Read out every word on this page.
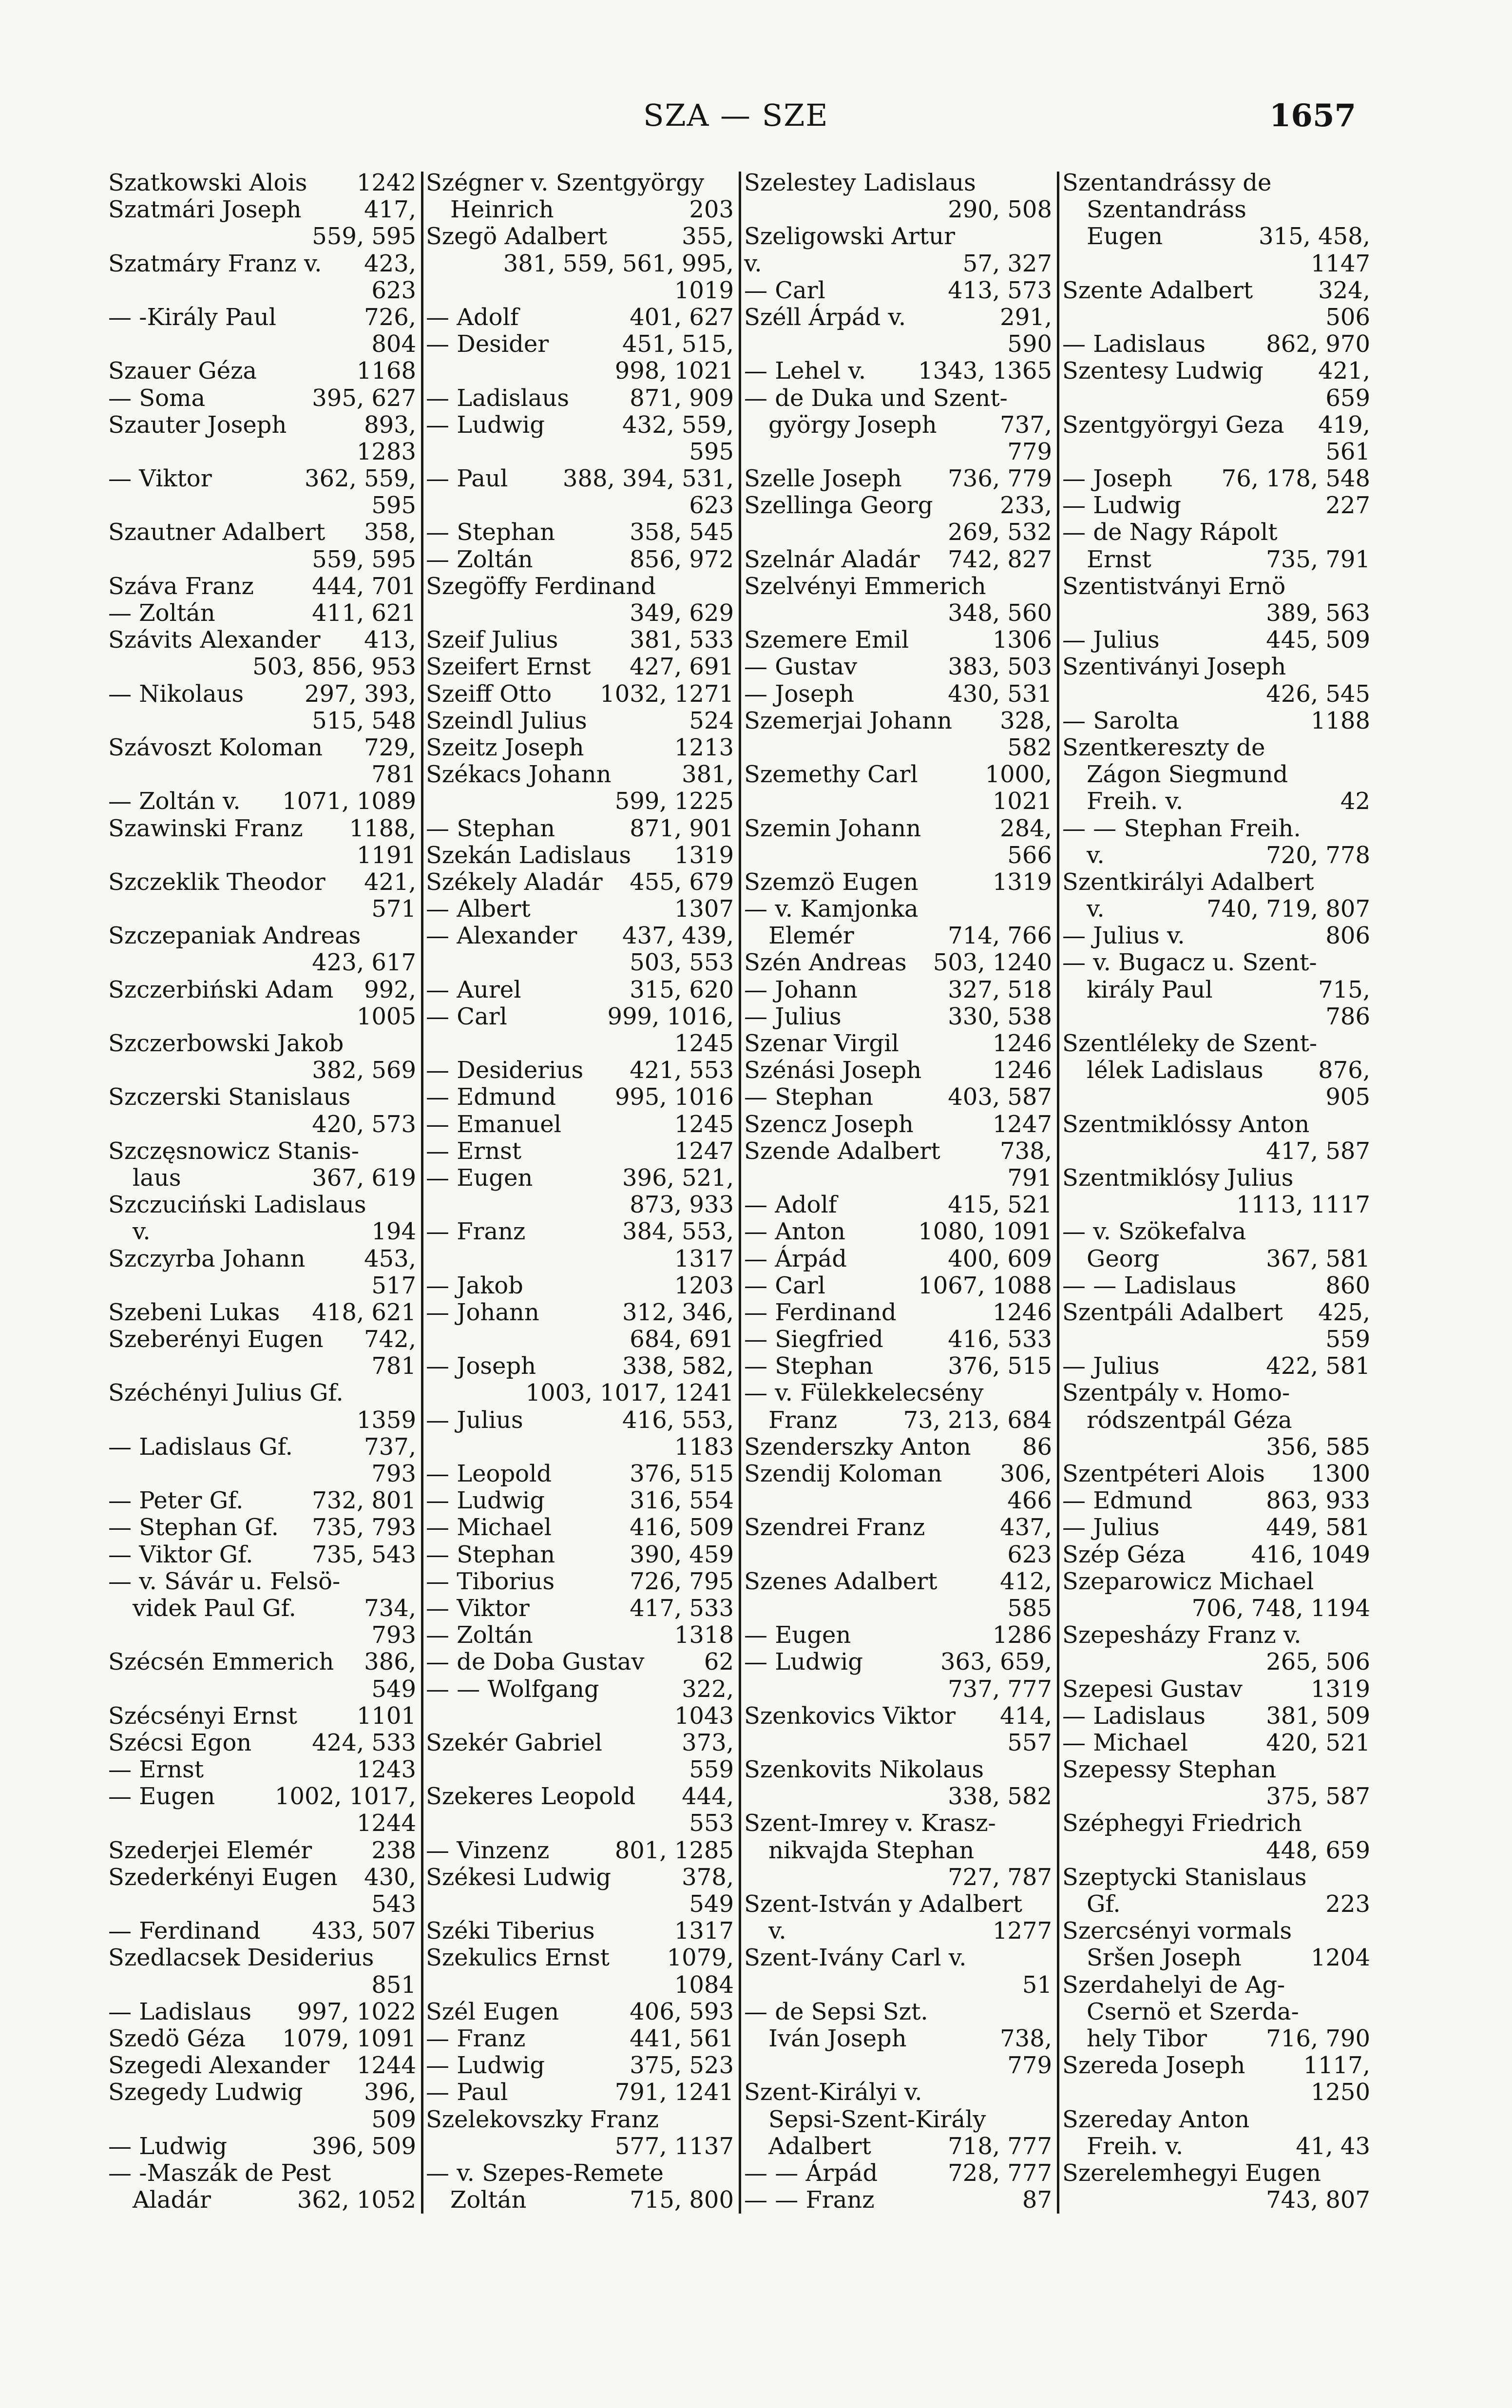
SZA — SZE	1657
Szatkowski Alois 1242
Szatmári Joseph	417,
559, 595
Szatmáry Franz v. 423,
623
— -Király Paul	726,
804
Szauer Géza	1168
— Soma	395, 627
Szauter Joseph	893,
1283
— Viktor	362, 559,
595
Szautner Adalbert 358,
559, 595
Száva Franz 444, 701
— Zoltán	411, 621
Szávits Alexander 413,
503, 856, 953
— Nikolaus	297, 393,
515, 548
Szávoszt Koloman 729,
781
— Zoltán v. 1071, 1089
Szawinski Franz 1188,
1191
Szczeklik Theodor 421,
571
Szczepaniak Andreas
423, 617
Szczerbiński Adam 992,
1005
Szczerbowski Jakob
382, 569
Szczerski Stanislaus
420, 573
Szczęsnowicz Stanis-
laus	367, 619
Szczuciński Ladislaus
v.	194
Szczyrba Johann	453,
517
Szebeni Lukas 418, 621
Szeberényi Eugen 742,
781
Széchényi Julius Gf.
1359
— Ladislaus Gf.	737,
793
— Peter Gf.	732, 801
— Stephan Gf. 735, 793
— Viktor Gf.	735, 543
— v. Sávár u. Felsö-
videk Paul Gf.	734,
793
Szécsén Emmerich 386,
549
Szécsényi Ernst	1101
Szécsi Egon	424, 533
— Ernst	1243
— Eugen	1002, 1017,
1244
Szederjei Elemér	238
Szederkényi Eugen 430,
543
— Ferdinand 433, 507
Szedlacsek Desiderius
851
— Ladislaus 997, 1022
Szedö Géza 1079, 1091
Szegedi Alexander 1244
Szegedy Ludwig	396,
509
— Ludwig	396, 509
— -Maszák de Pest
Aladár	362, 1052
Szégner v. Szentgyörgy
Heinrich	203
Szegö Adalbert	355,
381, 559, 561, 995,
1019
— Adolf	401, 627
— Desider	451, 515,
998, 1021
— Ladislaus	871, 909
— Ludwig	432, 559,
595
— Paul 388, 394, 531,
623
— Stephan	358, 545
— Zoltán	856, 972
Szegöffy Ferdinand
349, 629
Szeif Julius	381, 533
Szeifert Ernst 427, 691
Szeiff Otto 1032, 1271
Szeindl Julius	524
Szeitz Joseph	1213
Székacs Johann	381,
599, 1225
— Stephan	871, 901
Szekán Ladislaus 1319
Székely Aladár 455, 679
— Albert	1307
— Alexander 437, 439,
503, 553
— Aurel	315, 620
— Carl	999, 1016,
1245
— Desiderius 421, 553
— Edmund	995, 1016
— Emanuel	1245
— Ernst	1247
— Eugen	396, 521,
873, 933
— Franz	384, 553,
1317
— Jakob	1203
— Johann	312, 346,
684, 691
— Joseph	338, 582,
1003, 1017, 1241
— Julius	416, 553,
1183
— Leopold	376, 515
— Ludwig	316, 554
— Michael	416, 509
— Stephan	390, 459
— Tiborius	726, 795
— Viktor	417, 533
— Zoltán	1318
— de Doba Gustav	62
— — Wolfgang	322,
1043
Szekér Gabriel	373,
559
Szekeres Leopold 444,
553
— Vinzenz	801, 1285
Székesi Ludwig	378,
549
Széki Tiberius	1317
Szekulics Ernst 1079,
1084
Szél Eugen	406, 593
— Franz	441, 561
— Ludwig	375, 523
— Paul	791, 1241
Szelekovszky Franz
577, 1137
— v. Szepes-Remete
Zoltán	715, 800
Szelestey Ladislaus
290, 508
Szeligowski Artur
v.	57, 327
— Carl	413, 573
Széll Árpád v.	291,
590
— Lehel v. 1343, 1365
— de Duka und Szent-
györgy Joseph	737,
779
Szelle Joseph 736, 779
Szellinga Georg	233,
269, 532
Szelnár Aladár 742, 827
Szelvényi Emmerich
348, 560
Szemere Emil	1306
— Gustav	383, 503
— Joseph	430, 531
Szemerjai Johann 328,
582
Szemethy Carl	1000,
1021
Szemin Johann	284,
566
Szemzö Eugen	1319
— v. Kamjonka
Elemér	714, 766
Szén Andreas 503, 1240
— Johann	327, 518
— Julius	330, 538
Szenar Virgil	1246
Szénási Joseph	1246
— Stephan	403, 587
Szencz Joseph	1247
Szende Adalbert	738,
791
— Adolf	415, 521
— Anton	1080, 1091
— Árpád	400, 609
— Carl	1067, 1088
— Ferdinand	1246
— Siegfried	416, 533
— Stephan	376, 515
— v. Fülekkelecsény
Franz	73, 213, 684
Szenderszky Anton 86
Szendij Koloman 306,
466
Szendrei Franz	437,
623
Szenes Adalbert	412,
585
— Eugen	1286
— Ludwig	363, 659,
737, 777
Szenkovics Viktor 414,
557
Szenkovits Nikolaus
338, 582
Szent-Imrey v. Krasz-
nikvajda Stephan
727, 787
Szent-István y Adalbert
v.	1277
Szent-Ivány Carl v.
51
— de Sepsi Szt.
Iván Joseph	738,
779
Szent-Királyi v.
Sepsi-Szent-Király
Adalbert	718, 777
— — Árpád	728, 777
— — Franz	87
Szentandrássy de
Szentandráss
Eugen	315, 458,
1147
Szente Adalbert	324,
506
— Ladislaus	862, 970
Szentesy Ludwig 421,
659
Szentgyörgyi Geza 419,
561
— Joseph 76, 178, 548
— Ludwig	227
— de Nagy Rápolt
Ernst	735, 791
Szentistványi Ernö
389, 563
— Julius	445, 509
Szentiványi Joseph
426, 545
— Sarolta	1188
Szentkereszty de
Zágon Siegmund
Freih. v.	42
— — Stephan Freih.
v.	720, 778
Szentkirályi Adalbert
v.	740, 719, 807
— Julius v.	806
— v. Bugacz u. Szent-
király Paul	715,
786
Szentléleky de Szent-
lélek Ladislaus 876,
905
Szentmiklóssy Anton
417, 587
Szentmiklósy Julius
1113, 1117
— v. Szökefalva
Georg	367, 581
— — Ladislaus	860
Szentpáli Adalbert 425,
559
— Julius	422, 581
Szentpály v. Homo-
ródszentpál Géza
356, 585
Szentpéteri Alois 1300
— Edmund	863, 933
— Julius	449, 581
Szép Géza	416, 1049
Szeparowicz Michael
706, 748, 1194
Szepesházy Franz v.
265, 506
Szepesi Gustav	1319
— Ladislaus	381, 509
— Michael	420, 521
Szepessy Stephan
375, 587
Széphegyi Friedrich
448, 659
Szeptycki Stanislaus
Gf.	223
Szercsényi vormals
Sršen Joseph	1204
Szerdahelyi de Ag-
Csernö et Szerda-
hely Tibor	716, 790
Szereda Joseph 1117,
1250
Szereday Anton
Freih. v.	41, 43
Szerelemhegyi Eugen
743, 807
